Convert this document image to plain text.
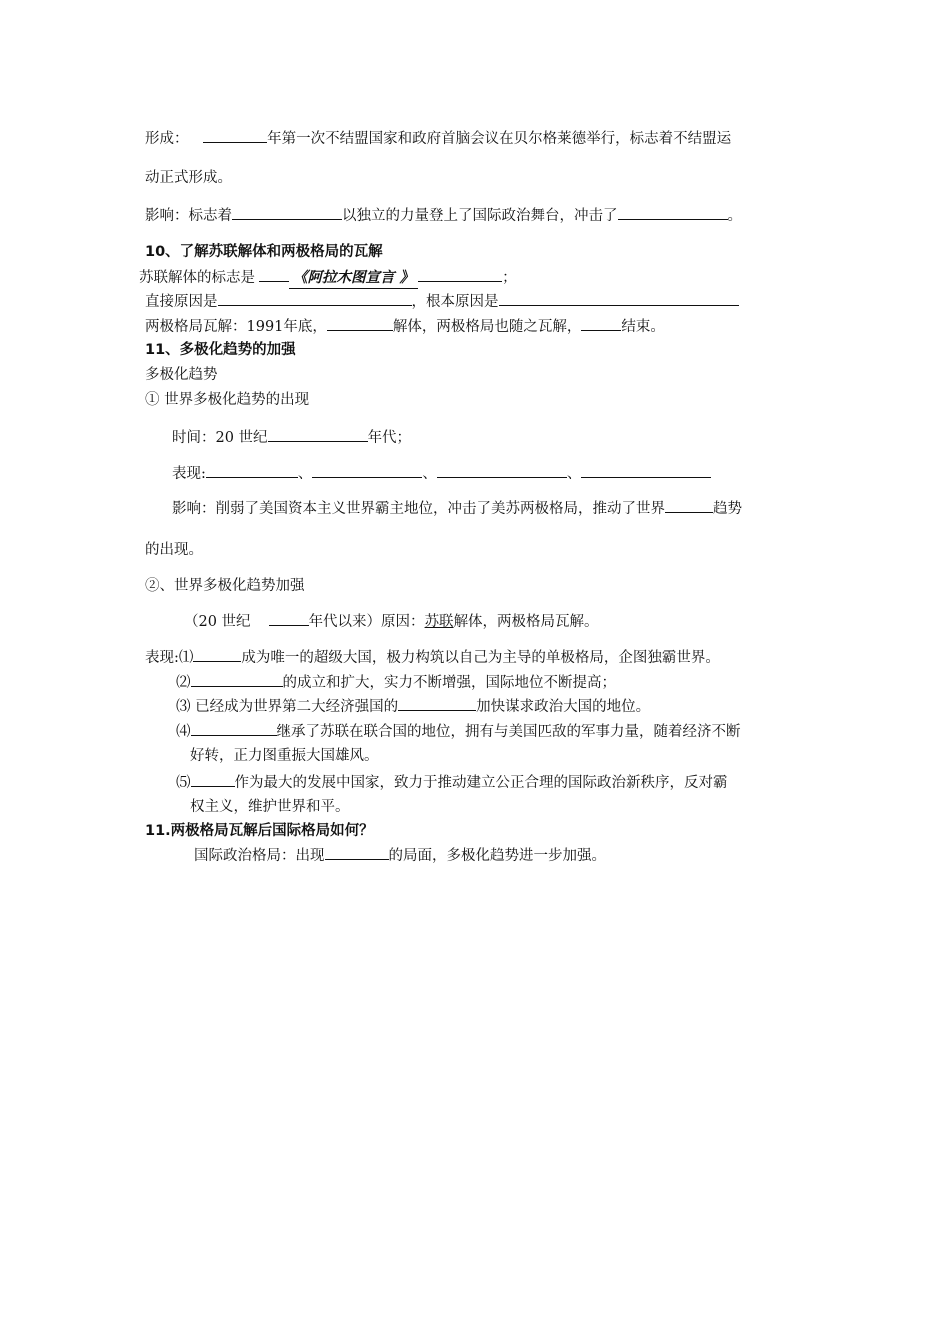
形成：	年第一次不结盟国家和政府首脑会议在贝尔格莱德举行，标志着不结盟运
动正式形成。
影响：标志着	以独立的力量登上了国际政治舞台，冲击了	。
10、了解苏联解体和两极格局的瓦解
苏联解体的标志是	《阿拉木图宣言 》	；
直接原因是	，根本原因是
两极格局瓦解：1991年底，	解体，两极格局也随之瓦解，	结束。
11、多极化趋势的加强
多极化趋势
① 世界多极化趋势的出现
时间：20 世纪	年代；
表现:	、	、	、
影响：削弱了美国资本主义世界霸主地位，冲击了美苏两极格局，推动了世界	趋势
的出现。
②、世界多极化趋势加强
（20 世纪	年代以来）原因：苏联解体，两极格局瓦解。
表现:⑴	成为唯一的超级大国，极力构筑以自己为主导的单极格局，企图独霸世界。
⑵	的成立和扩大，实力不断增强，国际地位不断提高；
⑶ 已经成为世界第二大经济强国的	加快谋求政治大国的地位。
⑷	继承了苏联在联合国的地位，拥有与美国匹敌的军事力量，随着经济不断
好转，正力图重振大国雄风。
⑸	作为最大的发展中国家，致力于推动建立公正合理的国际政治新秩序，反对霸
权主义，维护世界和平。
11.两极格局瓦解后国际格局如何？
国际政治格局：出现	的局面，多极化趋势进一步加强。
